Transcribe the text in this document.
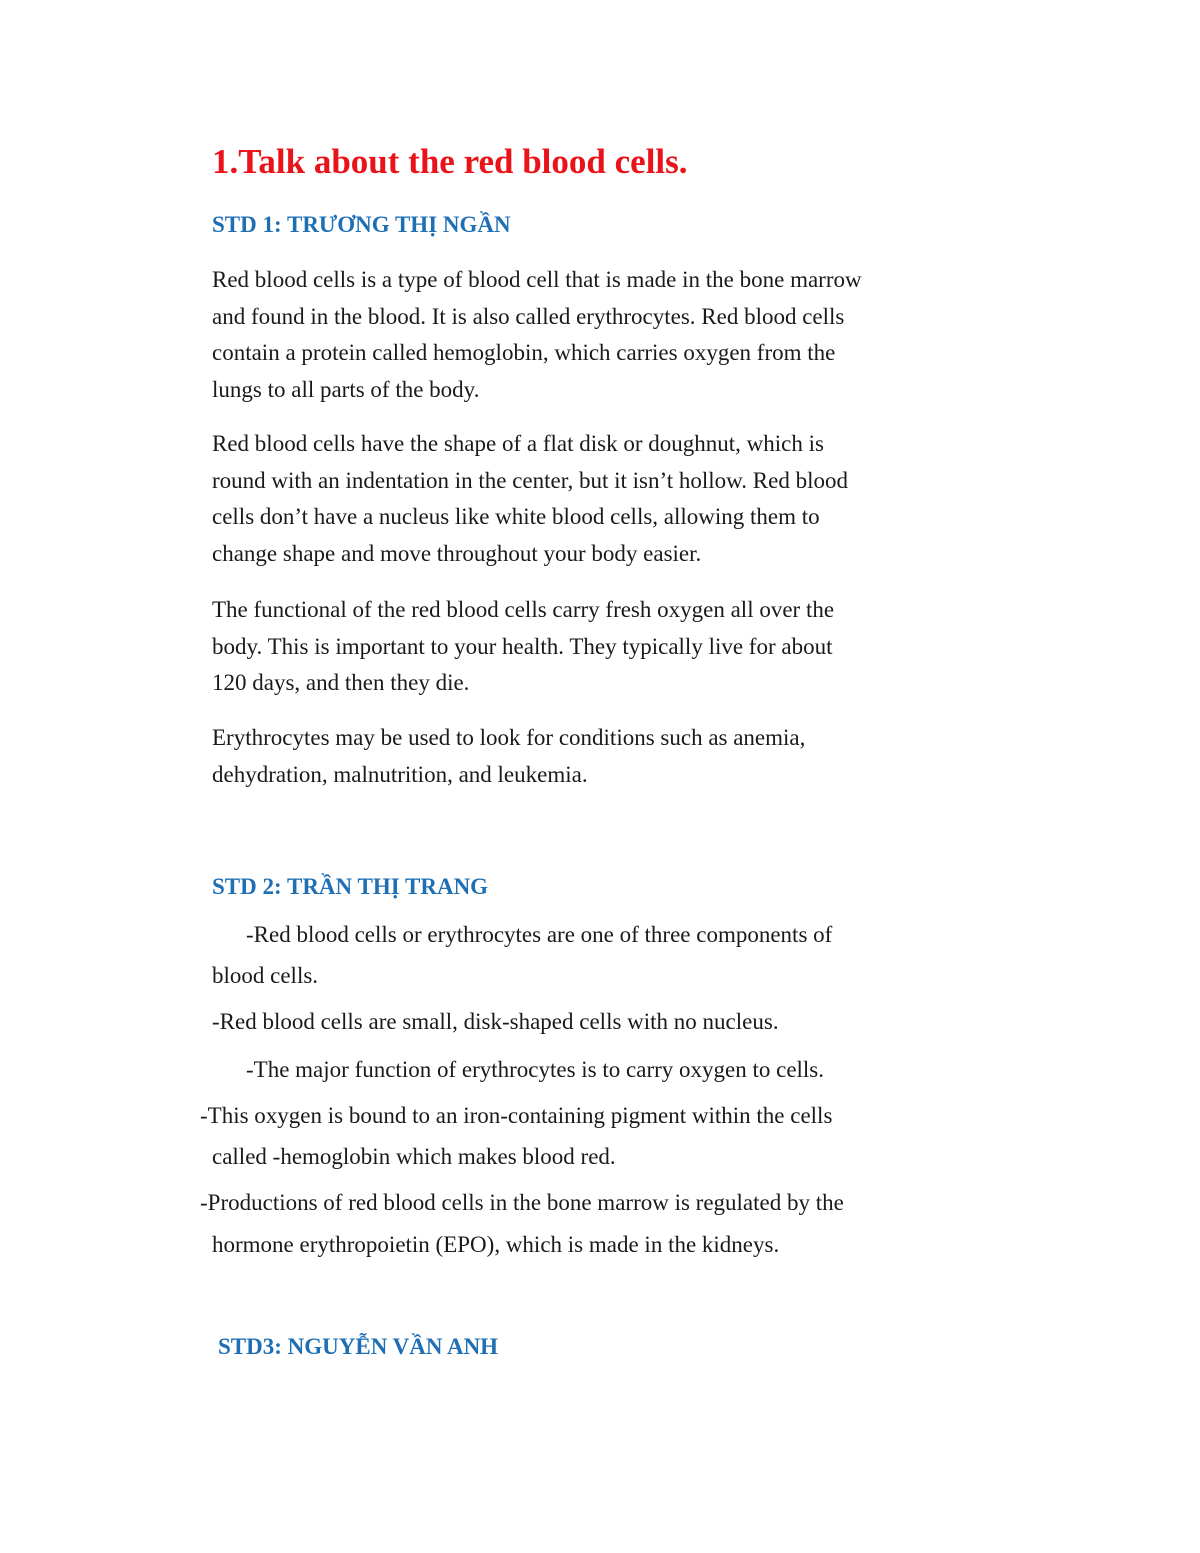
1.Talk about the red blood cells.
STD 1: TRƯƠNG THỊ NGẦN

Red blood cells is a type of blood cell that is made in the bone marrow
and found in the blood. It is also called erythrocytes. Red blood cells
contain a protein called hemoglobin, which carries oxygen from the
lungs to all parts of the body.

Red blood cells have the shape of a flat disk or doughnut, which is
round with an indentation in the center, but it isn’t hollow. Red blood
cells don’t have a nucleus like white blood cells, allowing them to
change shape and move throughout your body easier.

The functional of the red blood cells carry fresh oxygen all over the
body. This is important to your health. They typically live for about
120 days, and then they die.

Erythrocytes may be used to look for conditions such as anemia,
dehydration, malnutrition, and leukemia.

STD 2: TRẦN THỊ TRANG

-Red blood cells or erythrocytes are one of three components of

blood cells.

-Red blood cells are small, disk-shaped cells with no nucleus.

-The major function of erythrocytes is to carry oxygen to cells.

-This oxygen is bound to an iron-containing pigment within the cells

called -hemoglobin which makes blood red.

-Productions of red blood cells in the bone marrow is regulated by the

hormone erythropoietin (EPO), which is made in the kidneys.

STD3: NGUYỄN VẦN ANH
